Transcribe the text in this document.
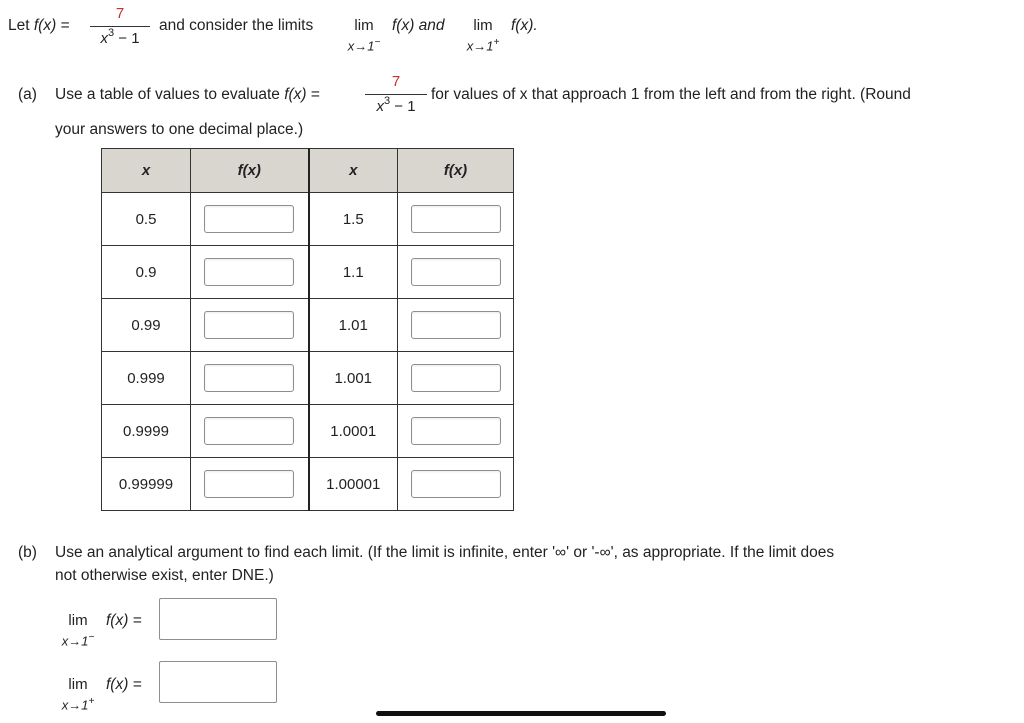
Let f(x) =
7
$x^3 - 1$
and consider the limits	lim
x→1−
f(x) and	lim
x→1+
f(x).
(a) Use a table of values to evaluate f(x) =
7
$x^3 - 1$
for values of x that approach 1 from the left and from the right. (Round
your answers to one decimal place.)
x	f(x)	x	f(x)
0.5		1.5	
0.9		1.1	
0.99		1.01	
0.999		1.001	
0.9999		1.0001	
0.99999		1.00001	
(b) Use an analytical argument to find each limit. (If the limit is infinite, enter '∞' or '-∞', as appropriate. If the limit does
not otherwise exist, enter DNE.)
lim
x→1−
f(x) =
lim
x→1+
f(x) =
